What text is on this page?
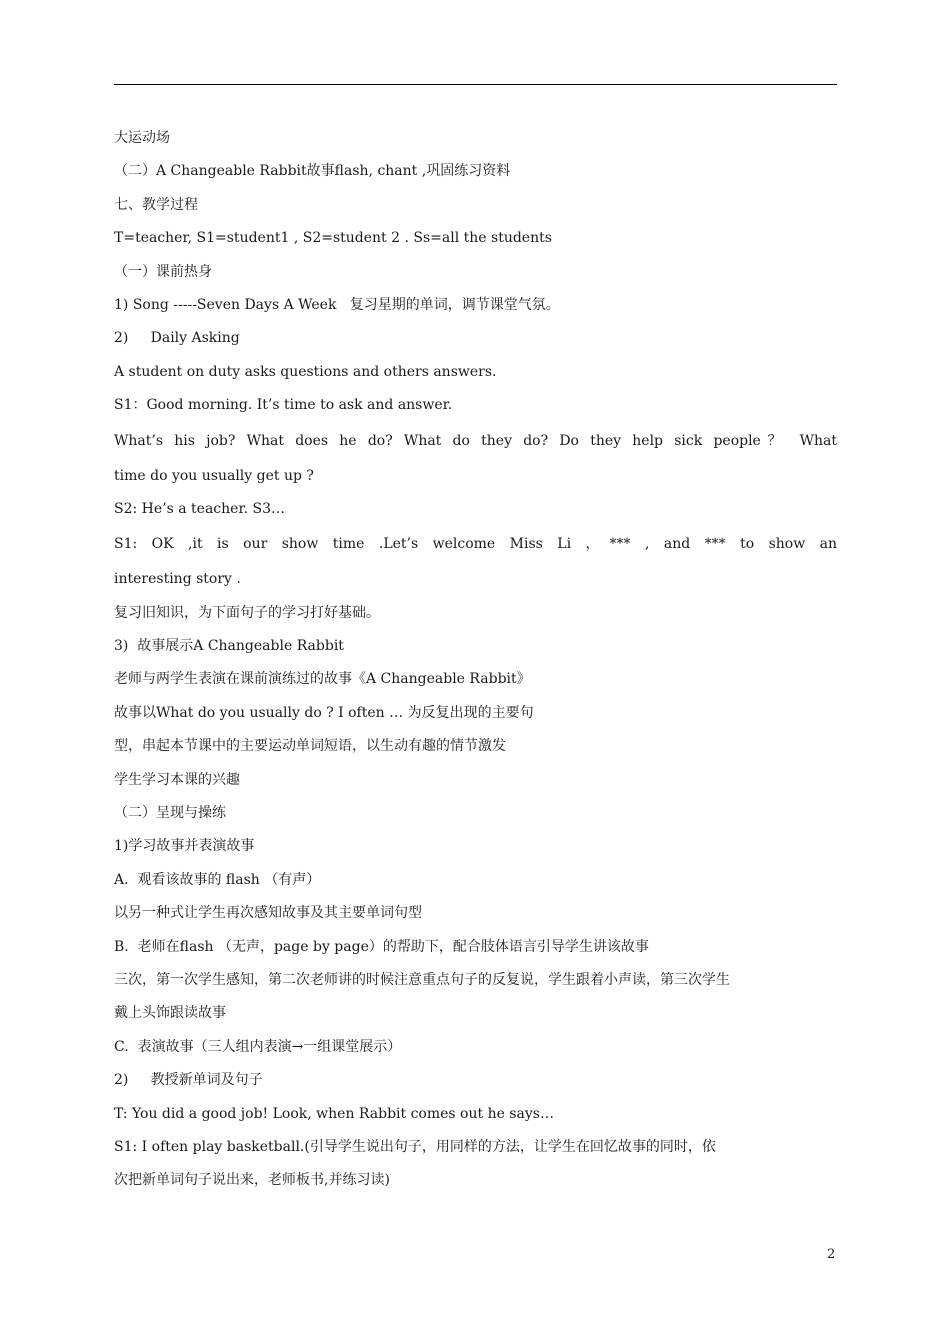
大运动场
（二）A Changeable Rabbit故事flash, chant ,巩固练习资料
七、教学过程
T=teacher, S1=student1 , S2=student 2 . Ss=all the students
（一）课前热身
1) Song -----Seven Days A Week   复习星期的单词，调节课堂气氛。
2)     Daily Asking
A student on duty asks questions and others answers.
S1：Good morning. It’s time to ask and answer.
What’s his job? What does he do? What do they do? Do they help sick people？ What
time do you usually get up ?
S2: He’s a teacher. S3…
S1: OK ,it is our show time .Let’s welcome Miss Li ，*** , and *** to show an
interesting story .
复习旧知识，为下面句子的学习打好基础。
3)  故事展示A Changeable Rabbit
老师与两学生表演在课前演练过的故事《A Changeable Rabbit》
故事以What do you usually do ? I often … 为反复出现的主要句
型，串起本节课中的主要运动单词短语，以生动有趣的情节激发
学生学习本课的兴趣
（二）呈现与操练
1)学习故事并表演故事
A.  观看该故事的 flash （有声）
以另一种式让学生再次感知故事及其主要单词句型
B.  老师在flash （无声，page by page）的帮助下，配合肢体语言引导学生讲该故事
三次，第一次学生感知，第二次老师讲的时候注意重点句子的反复说，学生跟着小声读，第三次学生
戴上头饰跟读故事
C.  表演故事（三人组内表演→一组课堂展示）
2)     教授新单词及句子
T: You did a good job! Look, when Rabbit comes out he says…
S1: I often play basketball.(引导学生说出句子，用同样的方法，让学生在回忆故事的同时，依
次把新单词句子说出来，老师板书,并练习读)
2
